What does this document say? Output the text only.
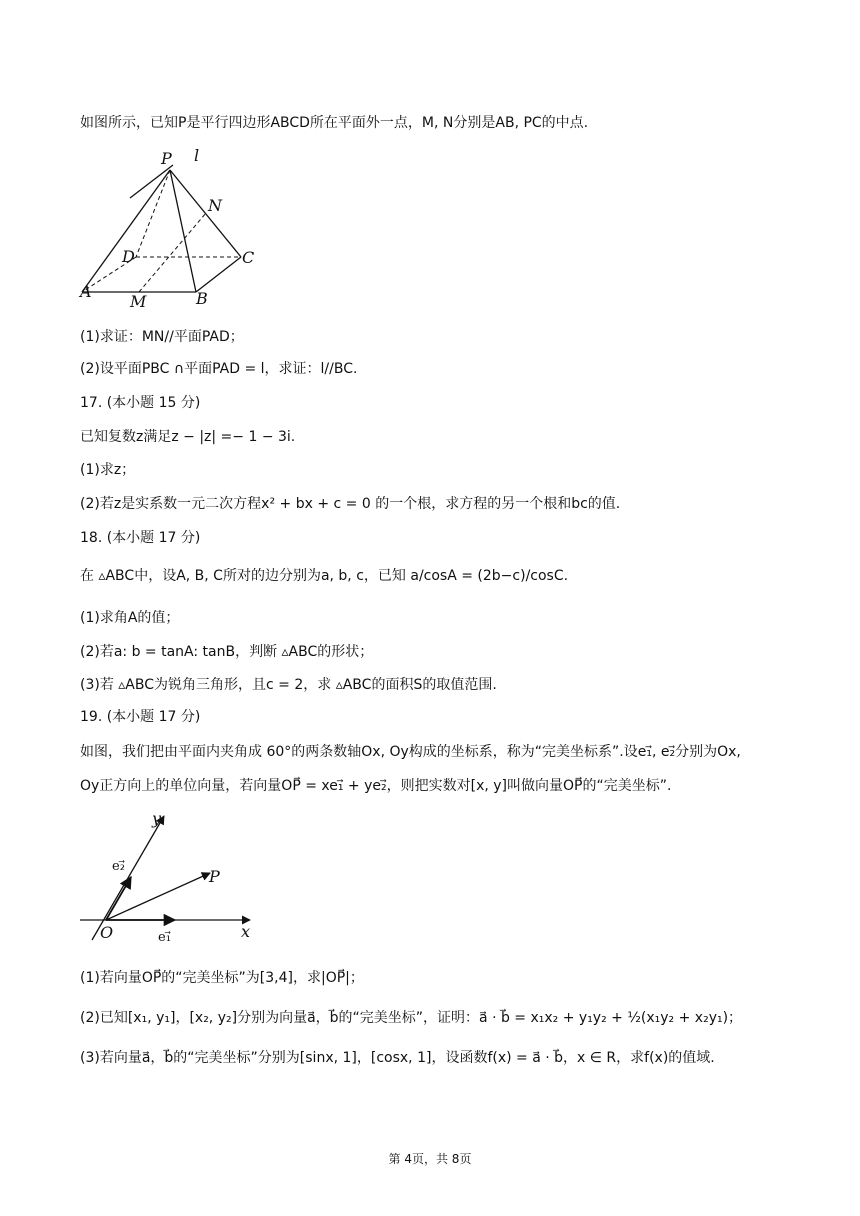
如图所示，已知P是平行四边形ABCD所在平面外一点，M, N分别是AB, PC的中点.
P l
N
D	C
A
M	B
(1)求证：MN//平面PAD；
(2)设平面PBC ∩平面PAD = l，求证：l//BC.
17. (本小题 15 分)
已知复数z满足z − |z| =− 1 − 3i.
(1)求z；
(2)若z是实系数一元二次方程x² + bx + c = 0 的一个根，求方程的另一个根和bc的值.
18. (本小题 17 分)
在 ▵ABC中，设A, B, C所对的边分别为a, b, c，已知 a/cosA = (2b−c)/cosC.
(1)求角A的值；
(2)若a: b = tanA: tanB，判断 ▵ABC的形状；
(3)若 ▵ABC为锐角三角形，且c = 2，求 ▵ABC的面积S的取值范围.
19. (本小题 17 分)
如图，我们把由平面内夹角成 60°的两条数轴Ox, Oy构成的坐标系，称为“完美坐标系”.设e₁⃗, e₂⃗分别为Ox,
Oy正方向上的单位向量，若向量OP⃗ = xe₁⃗ + ye₂⃗，则把实数对[x, y]叫做向量OP⃗的“完美坐标”.
y
e₂⃗
P
O	e₁⃗	x
(1)若向量OP⃗的“完美坐标”为[3,4]，求|OP⃗|；
(2)已知[x₁, y₁]，[x₂, y₂]分别为向量a⃗，b⃗的“完美坐标”，证明：a⃗ · b⃗ = x₁x₂ + y₁y₂ + ½(x₁y₂ + x₂y₁)；
(3)若向量a⃗，b⃗的“完美坐标”分别为[sinx, 1]，[cosx, 1]，设函数f(x) = a⃗ · b⃗，x ∈ R，求f(x)的值域.
第 4页，共 8页
